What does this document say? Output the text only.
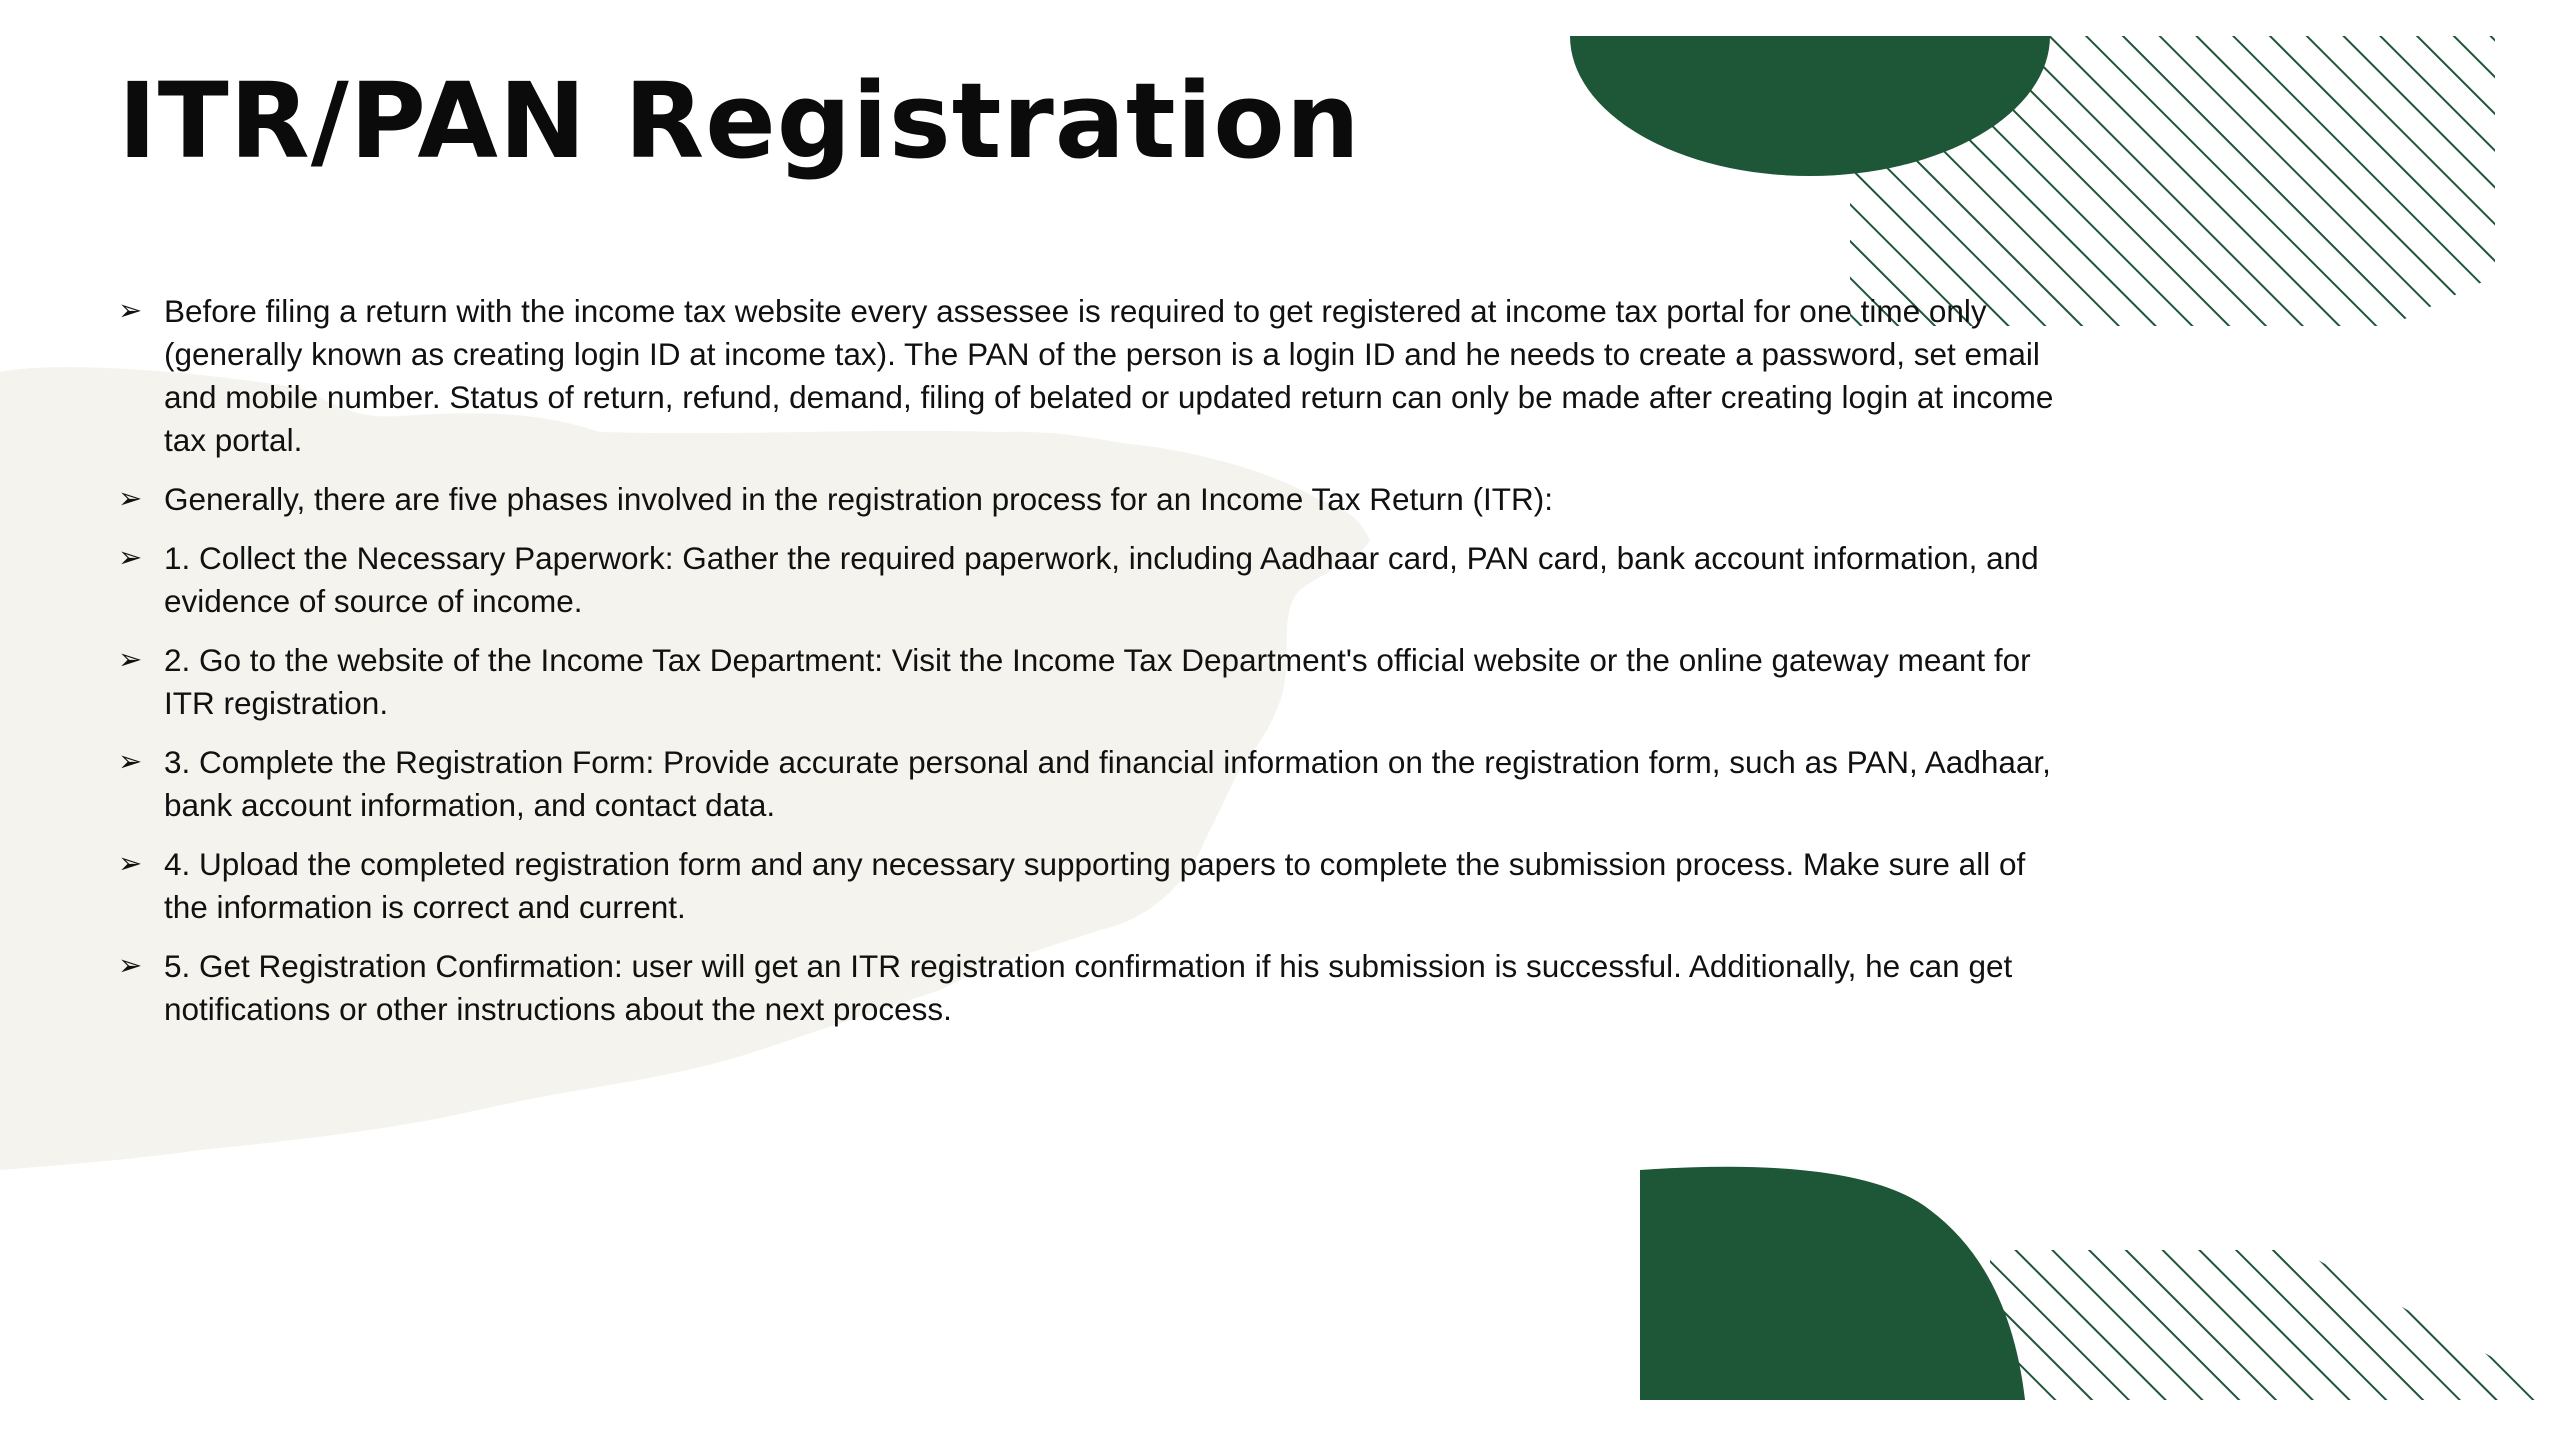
ITR/PAN Registration
➢ Before filing a return with the income tax website every assessee is required to get registered at income tax portal for one time only (generally known as creating login ID at income tax). The PAN of the person is a login ID and he needs to create a password, set email and mobile number. Status of return, refund, demand, filing of belated or updated return can only be made after creating login at income tax portal.
➢ Generally, there are five phases involved in the registration process for an Income Tax Return (ITR):
➢ 1. Collect the Necessary Paperwork: Gather the required paperwork, including Aadhaar card, PAN card, bank account information, and evidence of source of income.
➢ 2. Go to the website of the Income Tax Department: Visit the Income Tax Department's official website or the online gateway meant for ITR registration.
➢ 3. Complete the Registration Form: Provide accurate personal and financial information on the registration form, such as PAN, Aadhaar, bank account information, and contact data.
➢ 4. Upload the completed registration form and any necessary supporting papers to complete the submission process. Make sure all of the information is correct and current.
➢ 5. Get Registration Confirmation: user will get an ITR registration confirmation if his submission is successful. Additionally, he can get notifications or other instructions about the next process.
